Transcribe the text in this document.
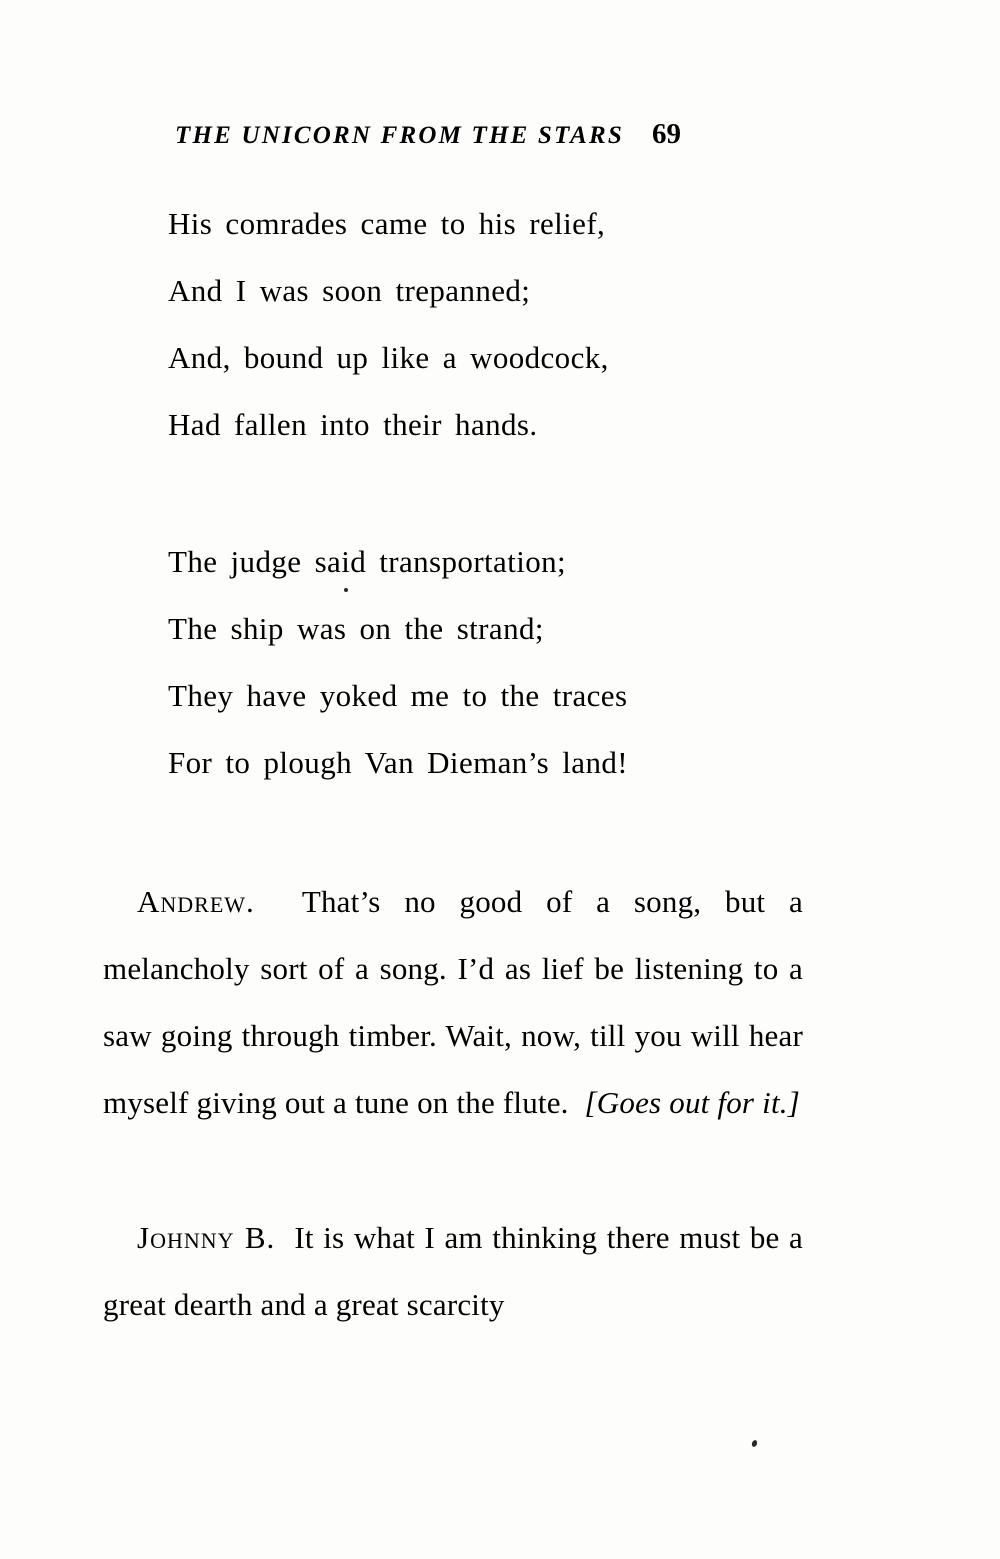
THE UNICORN FROM THE STARS 69
His comrades came to his relief,
And I was soon trepanned;
And, bound up like a woodcock,
Had fallen into their hands.
The judge said transportation;
The ship was on the strand;
They have yoked me to the traces
For to plough Van Dieman’s land!

Andrew. That’s no good of a song, but a melancholy sort of a song. I’d as lief be listening to a saw going through timber. Wait, now, till you will hear myself giving out a tune on the flute. [Goes out for it.]

Johnny B. It is what I am thinking there must be a great dearth and a great scarcity
